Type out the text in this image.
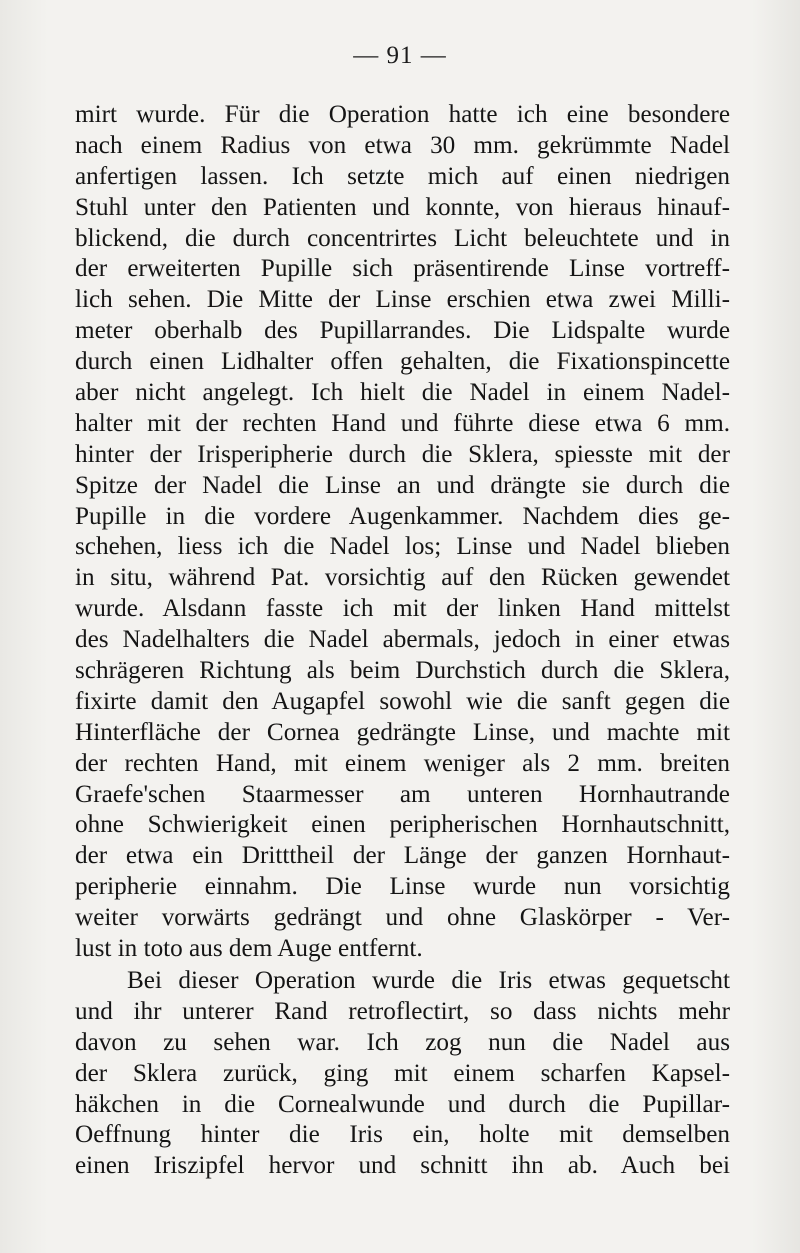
— 91 —
mirt wurde. Für die Operation hatte ich eine besondere
nach einem Radius von etwa 30 mm. gekrümmte Nadel
anfertigen lassen. Ich setzte mich auf einen niedrigen
Stuhl unter den Patienten und konnte, von hieraus hinauf-
blickend, die durch concentrirtes Licht beleuchtete und in
der erweiterten Pupille sich präsentirende Linse vortreff-
lich sehen. Die Mitte der Linse erschien etwa zwei Milli-
meter oberhalb des Pupillarrandes. Die Lidspalte wurde
durch einen Lidhalter offen gehalten, die Fixationspincette
aber nicht angelegt. Ich hielt die Nadel in einem Nadel-
halter mit der rechten Hand und führte diese etwa 6 mm.
hinter der Irisperipherie durch die Sklera, spiesste mit der
Spitze der Nadel die Linse an und drängte sie durch die
Pupille in die vordere Augenkammer. Nachdem dies ge-
schehen, liess ich die Nadel los; Linse und Nadel blieben
in situ, während Pat. vorsichtig auf den Rücken gewendet
wurde. Alsdann fasste ich mit der linken Hand mittelst
des Nadelhalters die Nadel abermals, jedoch in einer etwas
schrägeren Richtung als beim Durchstich durch die Sklera,
fixirte damit den Augapfel sowohl wie die sanft gegen die
Hinterfläche der Cornea gedrängte Linse, und machte mit
der rechten Hand, mit einem weniger als 2 mm. breiten
Graefe'schen Staarmesser am unteren Hornhautrande
ohne Schwierigkeit einen peripherischen Hornhautschnitt,
der etwa ein Dritttheil der Länge der ganzen Hornhaut-
peripherie einnahm. Die Linse wurde nun vorsichtig
weiter vorwärts gedrängt und ohne Glaskörper - Ver-
lust in toto aus dem Auge entfernt.
Bei dieser Operation wurde die Iris etwas gequetscht
und ihr unterer Rand retroflectirt, so dass nichts mehr
davon zu sehen war. Ich zog nun die Nadel aus
der Sklera zurück, ging mit einem scharfen Kapsel-
häkchen in die Cornealwunde und durch die Pupillar-
Oeffnung hinter die Iris ein, holte mit demselben
einen Iriszipfel hervor und schnitt ihn ab. Auch bei
